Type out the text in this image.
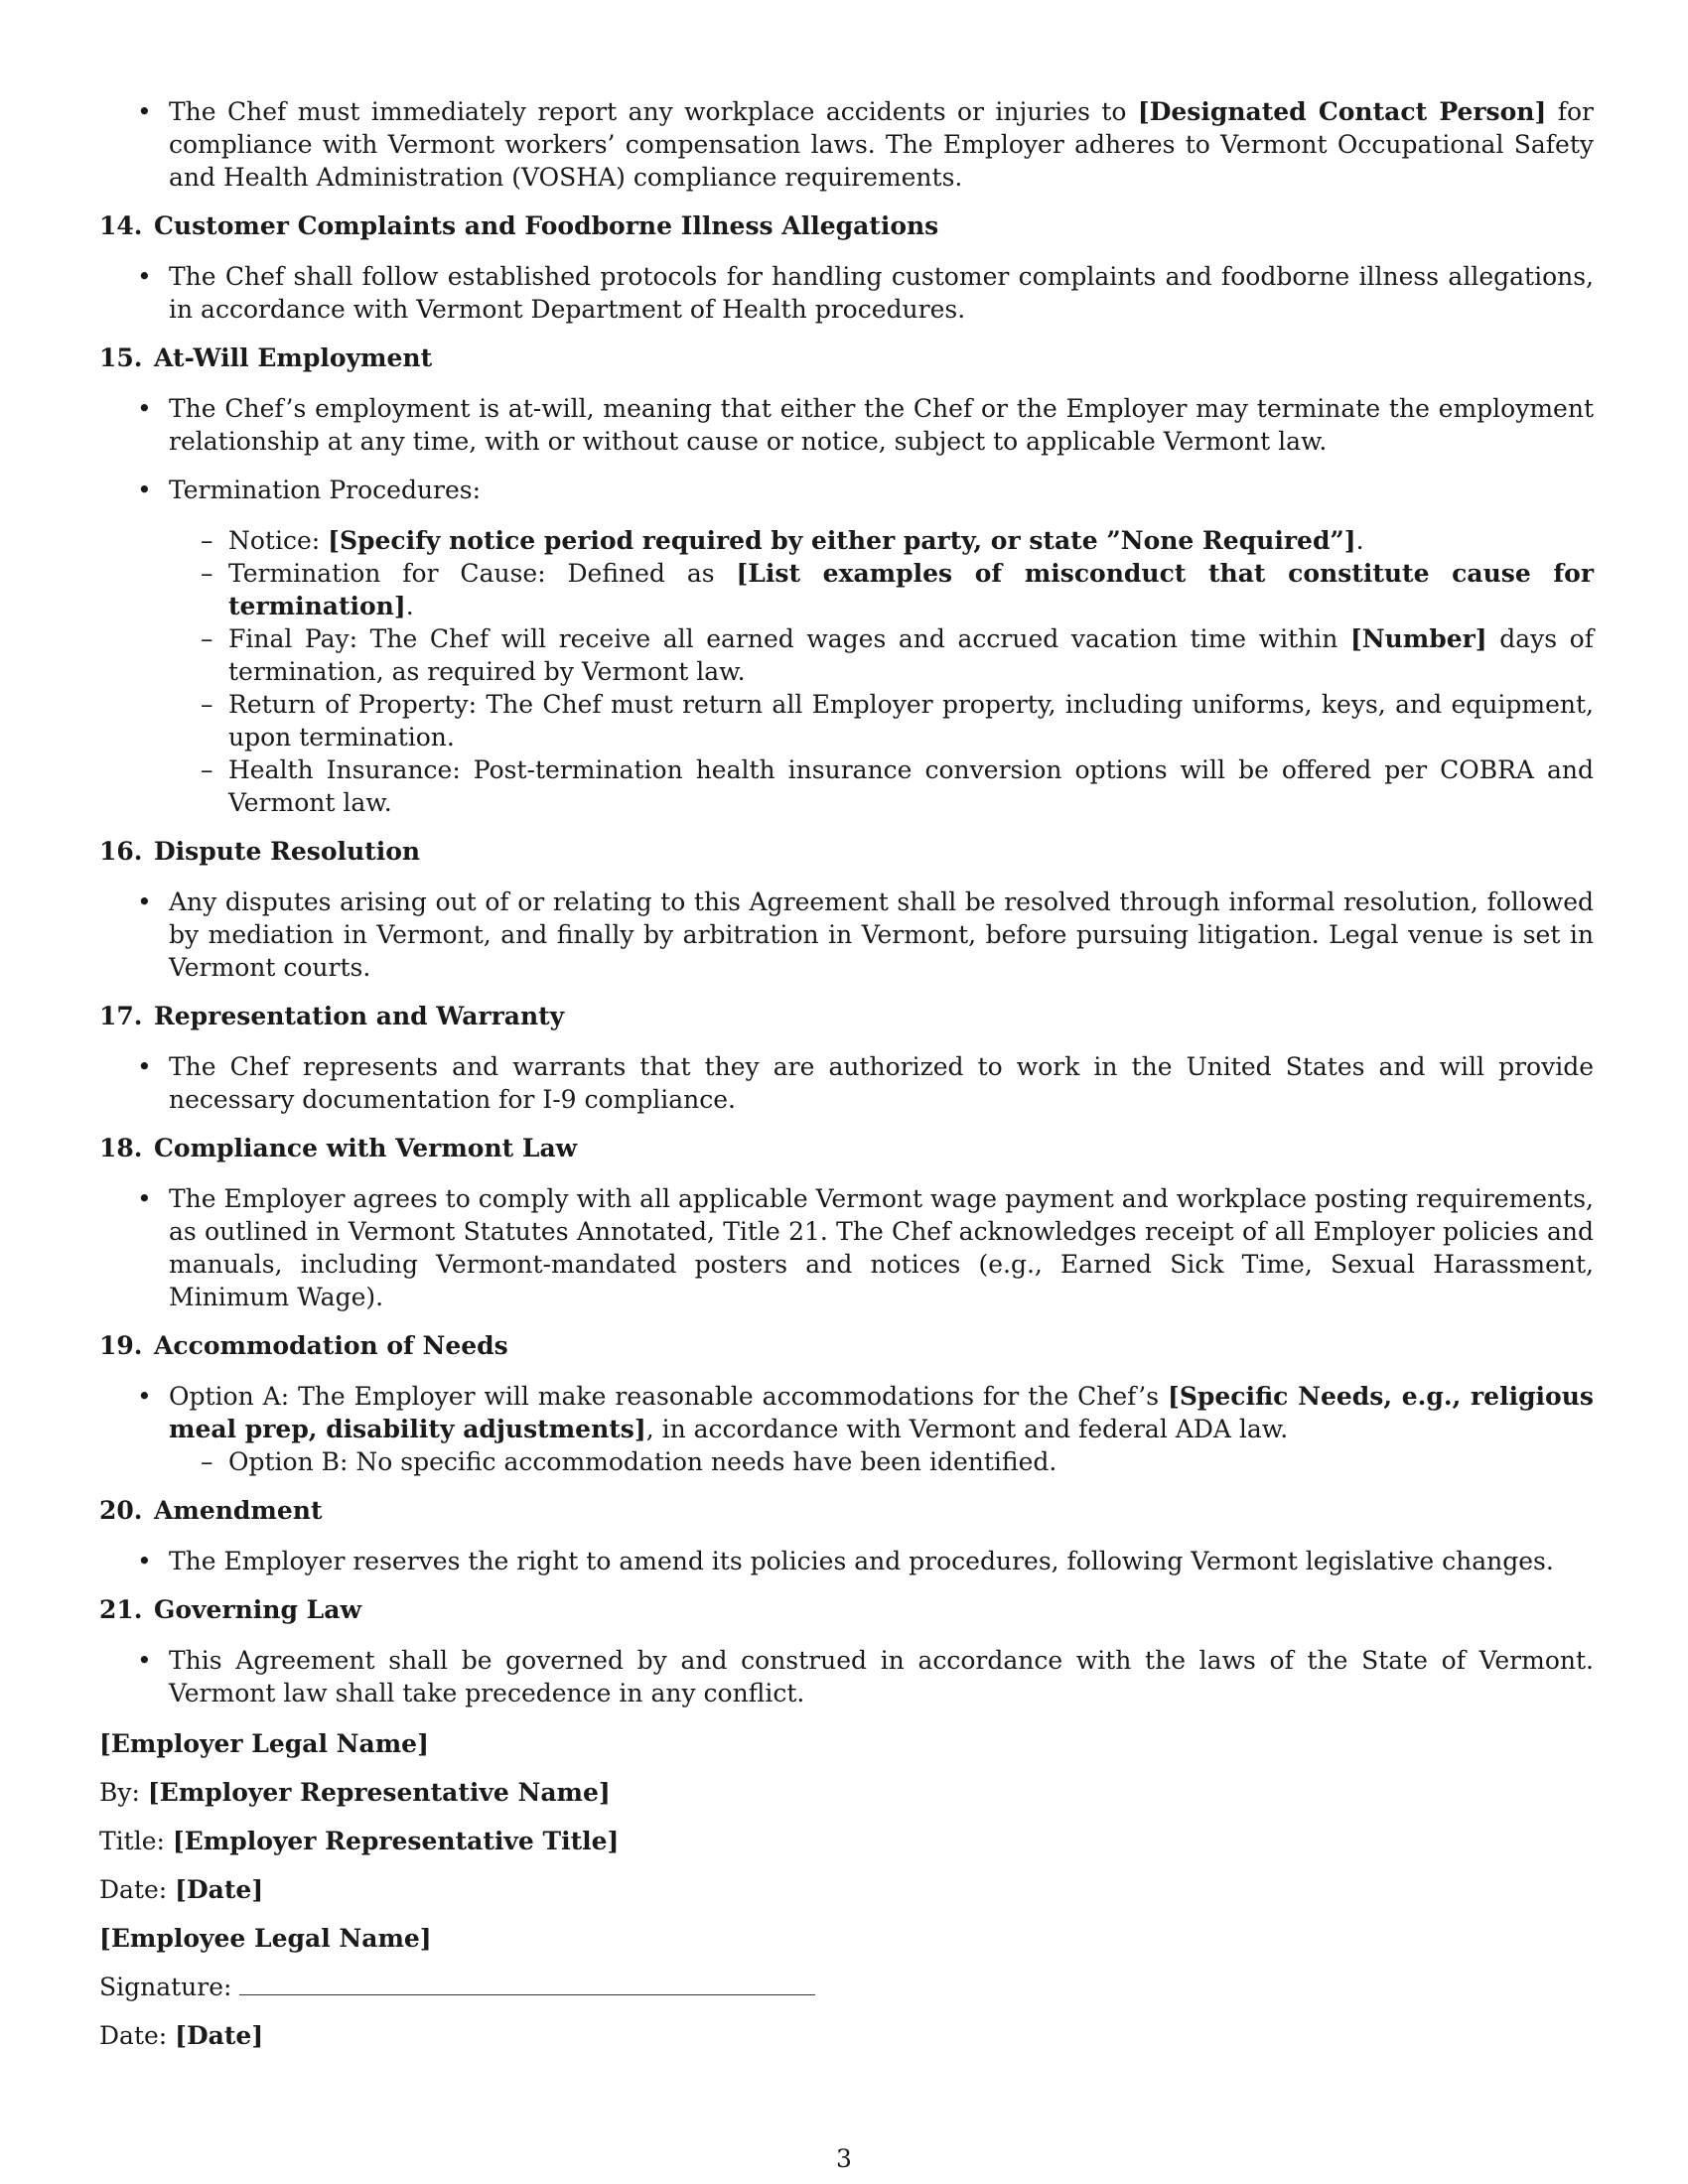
• The Chef must immediately report any workplace accidents or injuries to [Designated Contact Person] for compliance with Vermont workers’ compensation laws. The Employer adheres to Vermont Occupational Safety and Health Administration (VOSHA) compliance requirements.
14. Customer Complaints and Foodborne Illness Allegations
• The Chef shall follow established protocols for handling customer complaints and foodborne illness allegations, in accordance with Vermont Department of Health procedures.
15. At-Will Employment
• The Chef’s employment is at-will, meaning that either the Chef or the Employer may terminate the employment relationship at any time, with or without cause or notice, subject to applicable Vermont law.
• Termination Procedures:
– Notice: [Specify notice period required by either party, or state ”None Required”].
– Termination for Cause: Defined as [List examples of misconduct that constitute cause for termination].
– Final Pay: The Chef will receive all earned wages and accrued vacation time within [Number] days of termination, as required by Vermont law.
– Return of Property: The Chef must return all Employer property, including uniforms, keys, and equipment, upon termination.
– Health Insurance: Post-termination health insurance conversion options will be offered per COBRA and Vermont law.
16. Dispute Resolution
• Any disputes arising out of or relating to this Agreement shall be resolved through informal resolution, followed by mediation in Vermont, and finally by arbitration in Vermont, before pursuing litigation. Legal venue is set in Vermont courts.
17. Representation and Warranty
• The Chef represents and warrants that they are authorized to work in the United States and will provide necessary documentation for I-9 compliance.
18. Compliance with Vermont Law
• The Employer agrees to comply with all applicable Vermont wage payment and workplace posting requirements, as outlined in Vermont Statutes Annotated, Title 21. The Chef acknowledges receipt of all Employer policies and manuals, including Vermont-mandated posters and notices (e.g., Earned Sick Time, Sexual Harassment, Minimum Wage).
19. Accommodation of Needs
• Option A: The Employer will make reasonable accommodations for the Chef’s [Specific Needs, e.g., religious meal prep, disability adjustments], in accordance with Vermont and federal ADA law.
– Option B: No specific accommodation needs have been identified.
20. Amendment
• The Employer reserves the right to amend its policies and procedures, following Vermont legislative changes.
21. Governing Law
• This Agreement shall be governed by and construed in accordance with the laws of the State of Vermont. Vermont law shall take precedence in any conflict.
[Employer Legal Name]
By: [Employer Representative Name]
Title: [Employer Representative Title]
Date: [Date]
[Employee Legal Name]
Signature:
Date: [Date]
3
